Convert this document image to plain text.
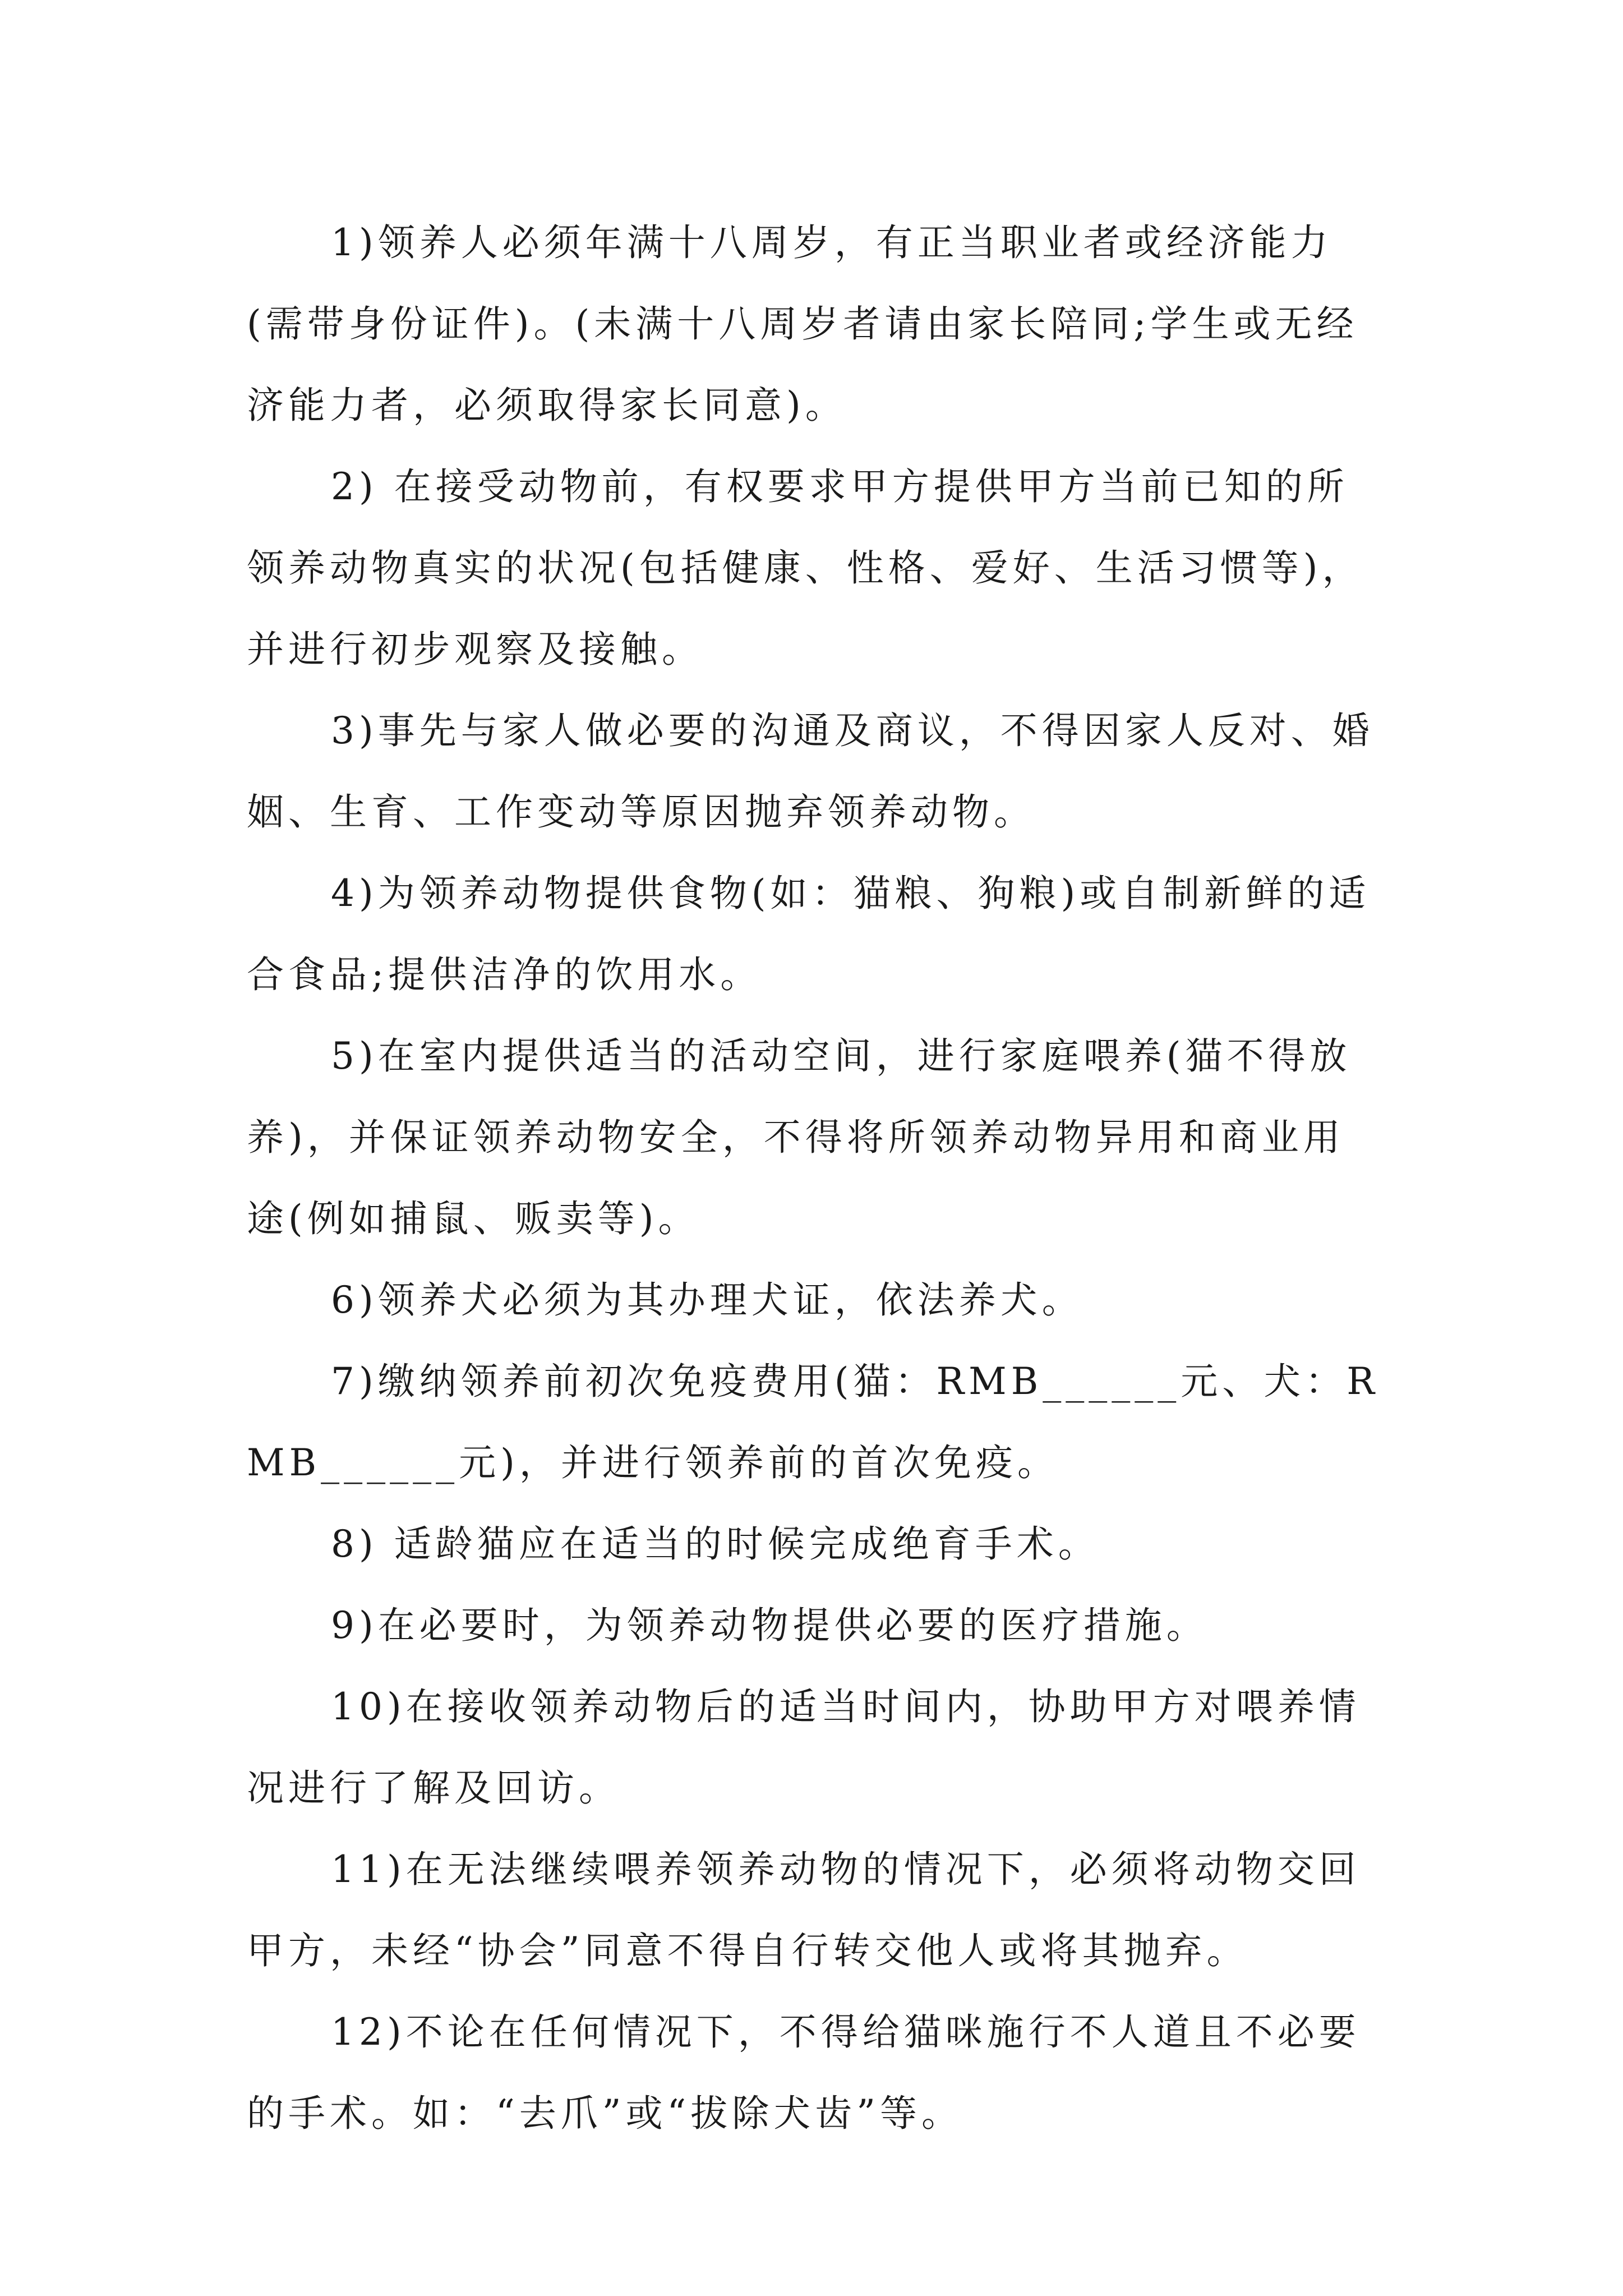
1)领养人必须年满十八周岁，有正当职业者或经济能力(需带身份证件)。(未满十八周岁者请由家长陪同;学生或无经济能力者，必须取得家长同意)。

2) 在接受动物前，有权要求甲方提供甲方当前已知的所领养动物真实的状况(包括健康、性格、爱好、生活习惯等)，并进行初步观察及接触。

3)事先与家人做必要的沟通及商议，不得因家人反对、婚姻、生育、工作变动等原因抛弃领养动物。

4)为领养动物提供食物(如：猫粮、狗粮)或自制新鲜的适合食品;提供洁净的饮用水。

5)在室内提供适当的活动空间，进行家庭喂养(猫不得放养)，并保证领养动物安全，不得将所领养动物异用和商业用途(例如捕鼠、贩卖等)。

6)领养犬必须为其办理犬证，依法养犬。

7)缴纳领养前初次免疫费用(猫：RMB______元、犬：RMB______元)，并进行领养前的首次免疫。

8) 适龄猫应在适当的时候完成绝育手术。

9)在必要时，为领养动物提供必要的医疗措施。

10)在接收领养动物后的适当时间内，协助甲方对喂养情况进行了解及回访。

11)在无法继续喂养领养动物的情况下，必须将动物交回甲方，未经“协会”同意不得自行转交他人或将其抛弃。

12)不论在任何情况下，不得给猫咪施行不人道且不必要的手术。如：“去爪”或“拔除犬齿”等。
